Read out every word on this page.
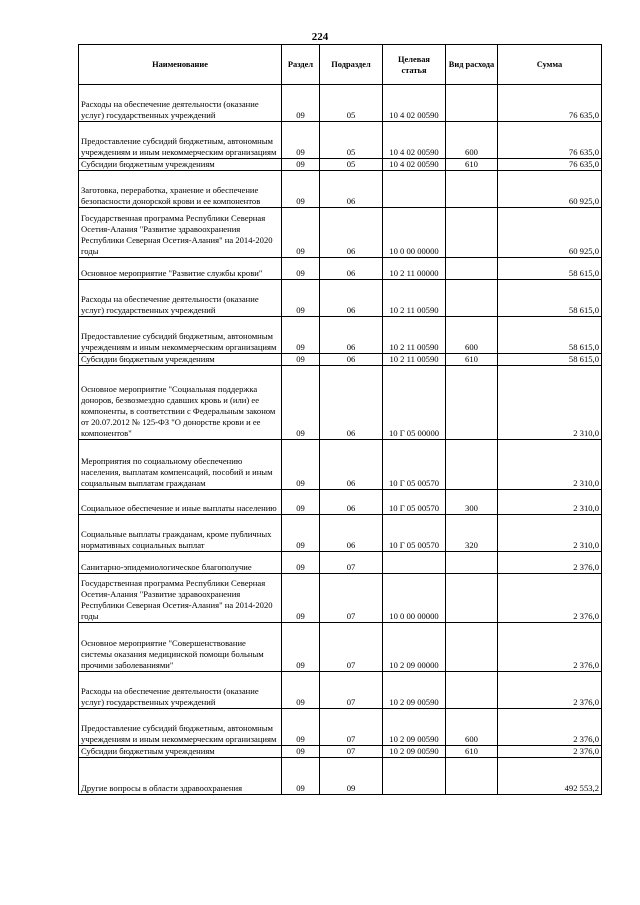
224
Наименование	Раздел	Подраздел	Целевая статья	Вид расхода	Сумма
Расходы на обеспечение деятельности (оказание услуг) государственных учреждений	09	05	10 4 02 00590		76 635,0
Предоставление субсидий бюджетным, автономным учреждениям и иным некоммерческим организациям	09	05	10 4 02 00590	600	76 635,0
Субсидии бюджетным учреждениям	09	05	10 4 02 00590	610	76 635,0
Заготовка, переработка, хранение и обеспечение безопасности донорской крови и ее компонентов	09	06			60 925,0
Государственная программа Республики Северная Осетия-Алания "Развитие здравоохранения Республики Северная Осетия-Алания" на 2014-2020 годы	09	06	10 0 00 00000		60 925,0
Основное мероприятие "Развитие службы крови"	09	06	10 2 11 00000		58 615,0
Расходы на обеспечение деятельности (оказание услуг) государственных учреждений	09	06	10 2 11 00590		58 615,0
Предоставление субсидий бюджетным, автономным учреждениям и иным некоммерческим организациям	09	06	10 2 11 00590	600	58 615,0
Субсидии бюджетным учреждениям	09	06	10 2 11 00590	610	58 615,0
Основное мероприятие "Социальная поддержка доноров, безвозмездно сдавших кровь и (или) ее компоненты, в соответствии с Федеральным законом от 20.07.2012 № 125-ФЗ "О донорстве крови и ее компонентов"	09	06	10 Г 05 00000		2 310,0
Мероприятия по социальному обеспечению населения, выплатам компенсаций, пособий и иным социальным выплатам гражданам	09	06	10 Г 05 00570		2 310,0
Социальное обеспечение и иные выплаты населению	09	06	10 Г 05 00570	300	2 310,0
Социальные выплаты гражданам, кроме публичных нормативных социальных выплат	09	06	10 Г 05 00570	320	2 310,0
Санитарно-эпидемиологическое благополучие	09	07			2 376,0
Государственная программа Республики Северная Осетия-Алания "Развитие здравоохранения Республики Северная Осетия-Алания" на 2014-2020 годы	09	07	10 0 00 00000		2 376,0
Основное мероприятие "Совершенствование системы оказания медицинской помощи больным прочими заболеваниями"	09	07	10 2 09 00000		2 376,0
Расходы на обеспечение деятельности (оказание услуг) государственных учреждений	09	07	10 2 09 00590		2 376,0
Предоставление субсидий бюджетным, автономным учреждениям и иным некоммерческим организациям	09	07	10 2 09 00590	600	2 376,0
Субсидии бюджетным учреждениям	09	07	10 2 09 00590	610	2 376,0
Другие вопросы в области здравоохранения	09	09			492 553,2
